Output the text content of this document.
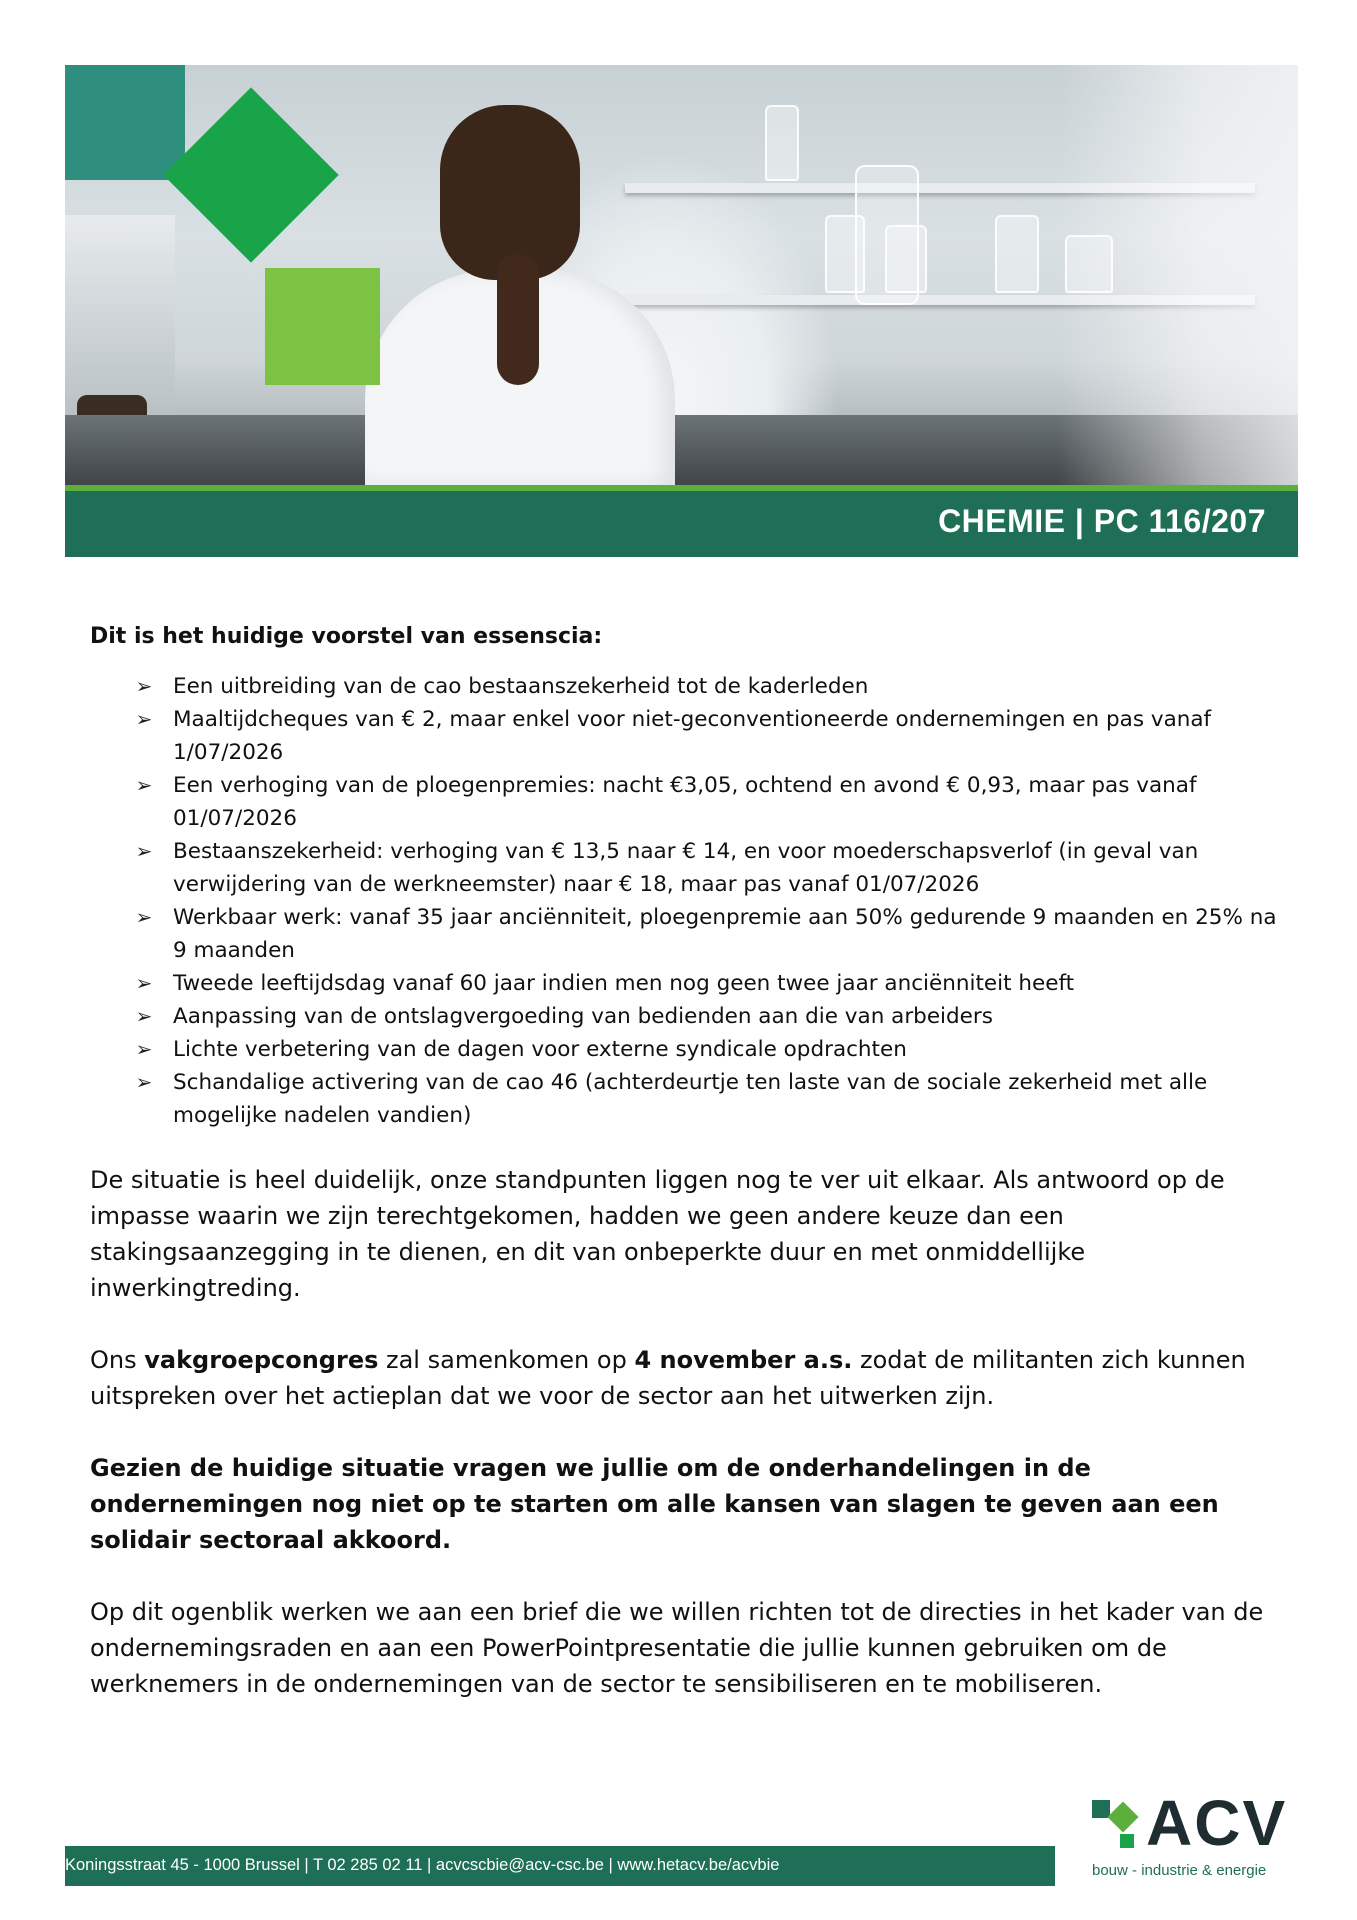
CHEMIE | PC 116/207

Dit is het huidige voorstel van essenscia:

➢ Een uitbreiding van de cao bestaanszekerheid tot de kaderleden
➢ Maaltijdcheques van € 2, maar enkel voor niet-geconventioneerde ondernemingen en pas vanaf 1/07/2026
➢ Een verhoging van de ploegenpremies: nacht €3,05, ochtend en avond € 0,93, maar pas vanaf 01/07/2026
➢ Bestaanszekerheid: verhoging van € 13,5 naar € 14, en voor moederschapsverlof (in geval van verwijdering van de werkneemster) naar € 18, maar pas vanaf 01/07/2026
➢ Werkbaar werk: vanaf 35 jaar anciënniteit, ploegenpremie aan 50% gedurende 9 maanden en 25% na 9 maanden
➢ Tweede leeftijdsdag vanaf 60 jaar indien men nog geen twee jaar anciënniteit heeft
➢ Aanpassing van de ontslagvergoeding van bedienden aan die van arbeiders
➢ Lichte verbetering van de dagen voor externe syndicale opdrachten
➢ Schandalige activering van de cao 46 (achterdeurtje ten laste van de sociale zekerheid met alle mogelijke nadelen vandien)

De situatie is heel duidelijk, onze standpunten liggen nog te ver uit elkaar. Als antwoord op de impasse waarin we zijn terechtgekomen, hadden we geen andere keuze dan een stakingsaanzegging in te dienen, en dit van onbeperkte duur en met onmiddellijke inwerkingtreding.

Ons vakgroepcongres zal samenkomen op 4 november a.s. zodat de militanten zich kunnen uitspreken over het actieplan dat we voor de sector aan het uitwerken zijn.

Gezien de huidige situatie vragen we jullie om de onderhandelingen in de ondernemingen nog niet op te starten om alle kansen van slagen te geven aan een solidair sectoraal akkoord.

Op dit ogenblik werken we aan een brief die we willen richten tot de directies in het kader van de ondernemingsraden en aan een PowerPointpresentatie die jullie kunnen gebruiken om de werknemers in de ondernemingen van de sector te sensibiliseren en te mobiliseren.

Koningsstraat 45 - 1000 Brussel | T 02 285 02 11 | acvcscbie@acv-csc.be | www.hetacv.be/acvbie
ACV
bouw - industrie & energie
